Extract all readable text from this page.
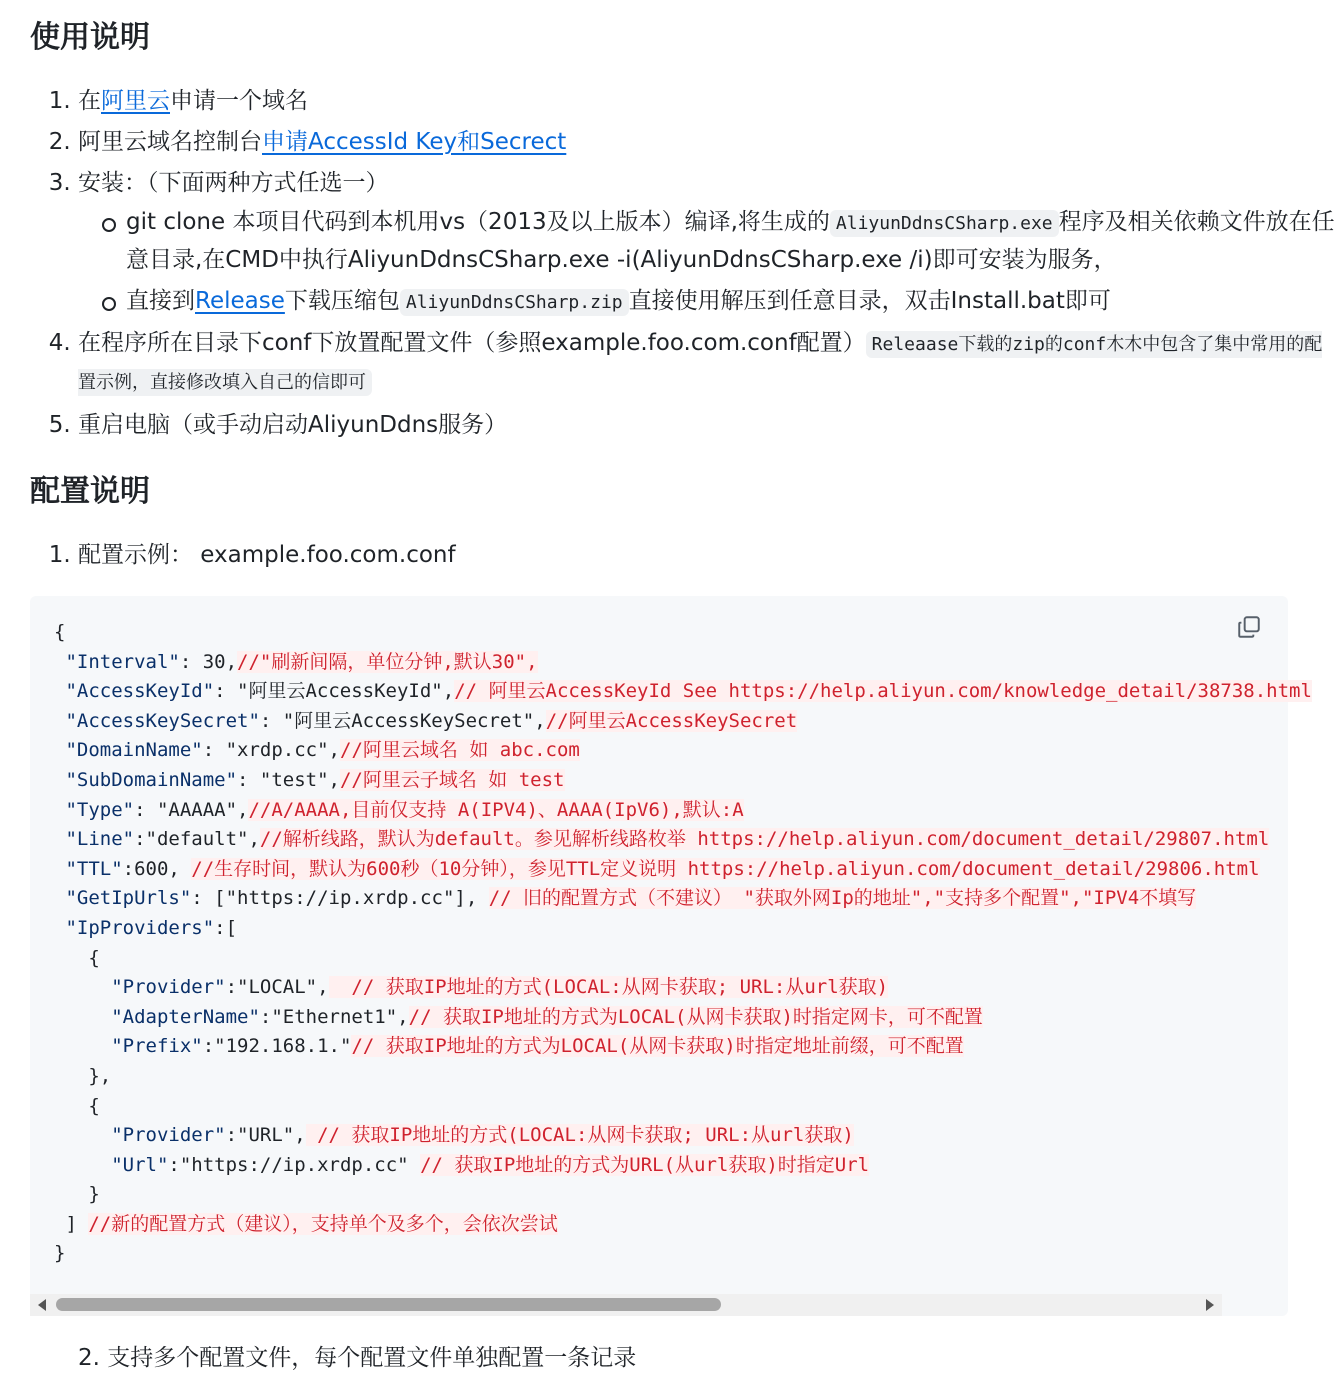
使用说明
1. 在阿里云申请一个域名
2. 阿里云域名控制台申请AccessId Key和Secrect
3. 安装：（下面两种方式任选一）
git clone 本项目代码到本机用vs（2013及以上版本）编译,将生成的 AliyunDdnsCSharp.exe 程序及相关依赖文件放在任意目录,在CMD中执行AliyunDdnsCSharp.exe -i(AliyunDdnsCSharp.exe /i)即可安装为服务，
直接到Release下载压缩包 AliyunDdnsCSharp.zip 直接使用解压到任意目录，双击Install.bat即可
4. 在程序所在目录下conf下放置配置文件（参照example.foo.com.conf配置） Releaase下载的zip的conf木木中包含了集中常用的配置示例，直接修改填入自己的信即可
5. 重启电脑（或手动启动AliyunDdns服务）
配置说明
1. 配置示例： example.foo.com.conf
{
"Interval": 30,//"刷新间隔，单位分钟,默认30",
"AccessKeyId": "阿里云AccessKeyId",// 阿里云AccessKeyId See https://help.aliyun.com/knowledge_detail/38738.html
"AccessKeySecret": "阿里云AccessKeySecret",//阿里云AccessKeySecret
"DomainName": "xrdp.cc",//阿里云域名 如 abc.com
"SubDomainName": "test",//阿里云子域名 如 test
"Type": "AAAAA",//A/AAAA,目前仅支持 A(IPV4)、AAAA(IpV6),默认:A
"Line":"default",//解析线路，默认为default。参见解析线路枚举 https://help.aliyun.com/document_detail/29807.html
"TTL":600, //生存时间，默认为600秒（10分钟），参见TTL定义说明 https://help.aliyun.com/document_detail/29806.html
"GetIpUrls": ["https://ip.xrdp.cc"], // 旧的配置方式（不建议） "获取外网Ip的地址","支持多个配置","IPV4不填写
"IpProviders":[
{
"Provider":"LOCAL",  // 获取IP地址的方式(LOCAL:从网卡获取; URL:从url获取)
"AdapterName":"Ethernet1",// 获取IP地址的方式为LOCAL(从网卡获取)时指定网卡，可不配置
"Prefix":"192.168.1."// 获取IP地址的方式为LOCAL(从网卡获取)时指定地址前缀，可不配置
},
{
"Provider":"URL", // 获取IP地址的方式(LOCAL:从网卡获取; URL:从url获取)
"Url":"https://ip.xrdp.cc" // 获取IP地址的方式为URL(从url获取)时指定Url
}
] //新的配置方式（建议），支持单个及多个，会依次尝试
}
2. 支持多个配置文件，每个配置文件单独配置一条记录
